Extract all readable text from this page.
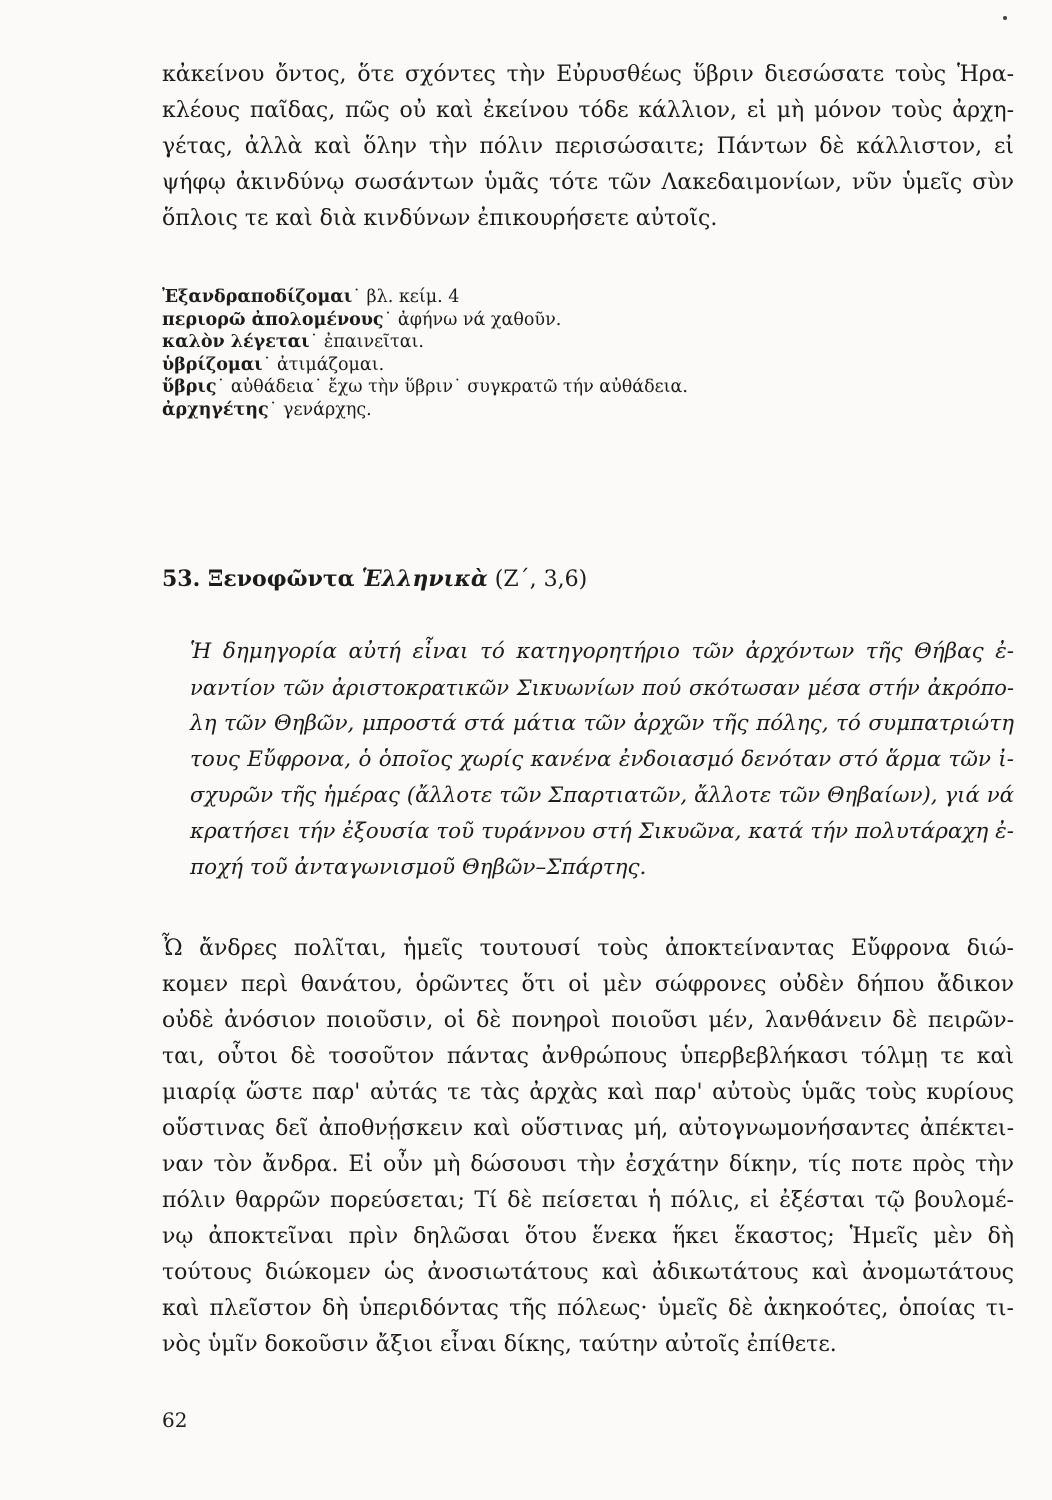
κἀκείνου ὄντος, ὅτε σχόντες τὴν Εὐρυσθέως ὕβριν διεσώσατε τοὺς Ἡρα-
κλέους παῖδας, πῶς οὐ καὶ ἐκείνου τόδε κάλλιον, εἰ μὴ μόνον τοὺς ἀρχη-
γέτας, ἀλλὰ καὶ ὅλην τὴν πόλιν περισώσαιτε; Πάντων δὲ κάλλιστον, εἰ
ψήφῳ ἀκινδύνῳ σωσάντων ὑμᾶς τότε τῶν Λακεδαιμονίων, νῦν ὑμεῖς σὺν
ὅπλοις τε καὶ διὰ κινδύνων ἐπικουρήσετε αὐτοῖς.
Ἐξανδραποδίζομαι˙ βλ. κείμ. 4
περιορῶ ἀπολομένους˙ ἀφήνω νά χαθοῦν.
καλὸν λέγεται˙ ἐπαινεῖται.
ὑβρίζομαι˙ ἀτιμάζομαι.
ὕβρις˙ αὐθάδεια˙ ἔχω τὴν ὕβριν˙ συγκρατῶ τήν αὐθάδεια.
ἀρχηγέτης˙ γενάρχης.
53. Ξενοφῶντα Ἑλληνικὰ (Ζ΄, 3,6)
Ἡ δημηγορία αὐτή εἶναι τό κατηγορητήριο τῶν ἀρχόντων τῆς Θήβας ἐ-
ναντίον τῶν ἀριστοκρατικῶν Σικυωνίων πού σκότωσαν μέσα στήν ἀκρόπο-
λη τῶν Θηβῶν, μπροστά στά μάτια τῶν ἀρχῶν τῆς πόλης, τό συμπατριώτη
τους Εὔφρονα, ὁ ὁποῖος χωρίς κανένα ἐνδοιασμό δενόταν στό ἅρμα τῶν ἰ-
σχυρῶν τῆς ἡμέρας (ἄλλοτε τῶν Σπαρτιατῶν, ἄλλοτε τῶν Θηβαίων), γιά νά
κρατήσει τήν ἐξουσία τοῦ τυράννου στή Σικυῶνα, κατά τήν πολυτάραχη ἐ-
ποχή τοῦ ἀνταγωνισμοῦ Θηβῶν–Σπάρτης.
Ὦ ἄνδρες πολῖται, ἡμεῖς τουτουσί τοὺς ἀποκτείναντας Εὔφρονα διώ-
κομεν περὶ θανάτου, ὁρῶντες ὅτι οἱ μὲν σώφρονες οὐδὲν δήπου ἄδικον
οὐδὲ ἀνόσιον ποιοῦσιν, οἱ δὲ πονηροὶ ποιοῦσι μέν, λανθάνειν δὲ πειρῶν-
ται, οὗτοι δὲ τοσοῦτον πάντας ἀνθρώπους ὑπερβεβλήκασι τόλμῃ τε καὶ
μιαρίᾳ ὥστε παρ' αὐτάς τε τὰς ἀρχὰς καὶ παρ' αὐτοὺς ὑμᾶς τοὺς κυρίους
οὕστινας δεῖ ἀποθνῄσκειν καὶ οὕστινας μή, αὐτογνωμονήσαντες ἀπέκτει-
ναν τὸν ἄνδρα. Εἰ οὖν μὴ δώσουσι τὴν ἐσχάτην δίκην, τίς ποτε πρὸς τὴν
πόλιν θαρρῶν πορεύσεται; Τί δὲ πείσεται ἡ πόλις, εἰ ἐξέσται τῷ βουλομέ-
νῳ ἀποκτεῖναι πρὶν δηλῶσαι ὅτου ἕνεκα ἥκει ἕκαστος; Ἡμεῖς μὲν δὴ
τούτους διώκομεν ὡς ἀνοσιωτάτους καὶ ἀδικωτάτους καὶ ἀνομωτάτους
καὶ πλεῖστον δὴ ὑπεριδόντας τῆς πόλεως· ὑμεῖς δὲ ἀκηκοότες, ὁποίας τι-
νὸς ὑμῖν δοκοῦσιν ἄξιοι εἶναι δίκης, ταύτην αὐτοῖς ἐπίθετε.
62
